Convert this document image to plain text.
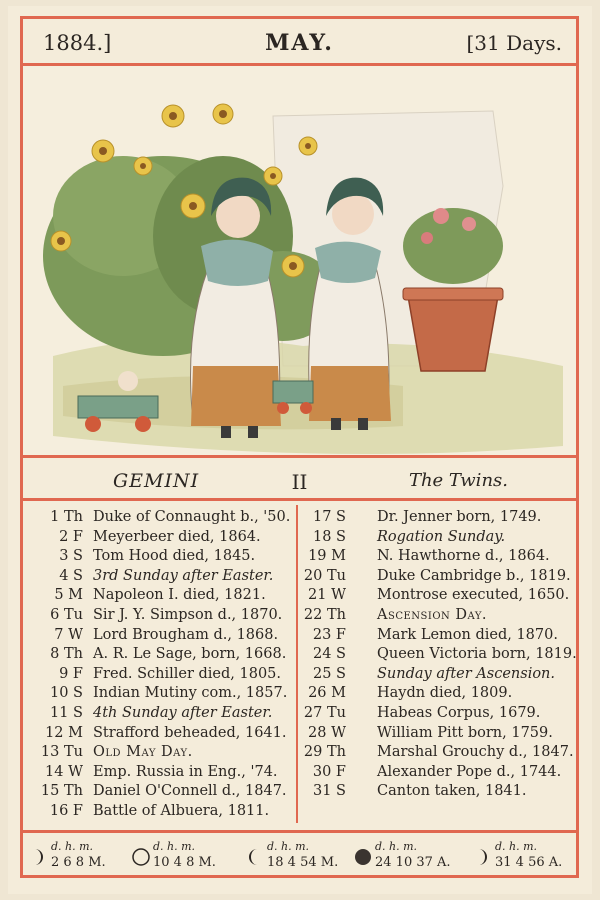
1884.]	MAY.	[31 Days.
GEMINI	II	The Twins.
1 Th Duke of Connaught b., '50.
2 F Meyerbeer died, 1864.
3 S Tom Hood died, 1845.
4 S 3rd Sunday after Easter.
5 M Napoleon I. died, 1821.
6 Tu Sir J. Y. Simpson d., 1870.
7 W Lord Brougham d., 1868.
8 Th A. R. Le Sage, born, 1668.
9 F Fred. Schiller died, 1805.
10 S Indian Mutiny com., 1857.
11 S 4th Sunday after Easter.
12 M Strafford beheaded, 1641.
13 Tu Old May Day.
14 W Emp. Russia in Eng., '74.
15 Th Daniel O'Connell d., 1847.
16 F Battle of Albuera, 1811.
17 S Dr. Jenner born, 1749.
18 S Rogation Sunday.
19 M N. Hawthorne d., 1864.
20 Tu Duke Cambridge b., 1819.
21 W Montrose executed, 1650.
22 Th Ascension Day.
23 F Mark Lemon died, 1870.
24 S Queen Victoria born, 1819.
25 S Sunday after Ascension.
26 M Haydn died, 1809.
27 Tu Habeas Corpus, 1679.
28 W William Pitt born, 1759.
29 Th Marshal Grouchy d., 1847.
30 F Alexander Pope d., 1744.
31 S Canton taken, 1841.
d. h. m.
2 6 8 M.
d. h. m.
10 4 8 M.
d. h. m.
18 4 54 M.
d. h. m.
24 10 37 A.
d. h. m.
31 4 56 A.
